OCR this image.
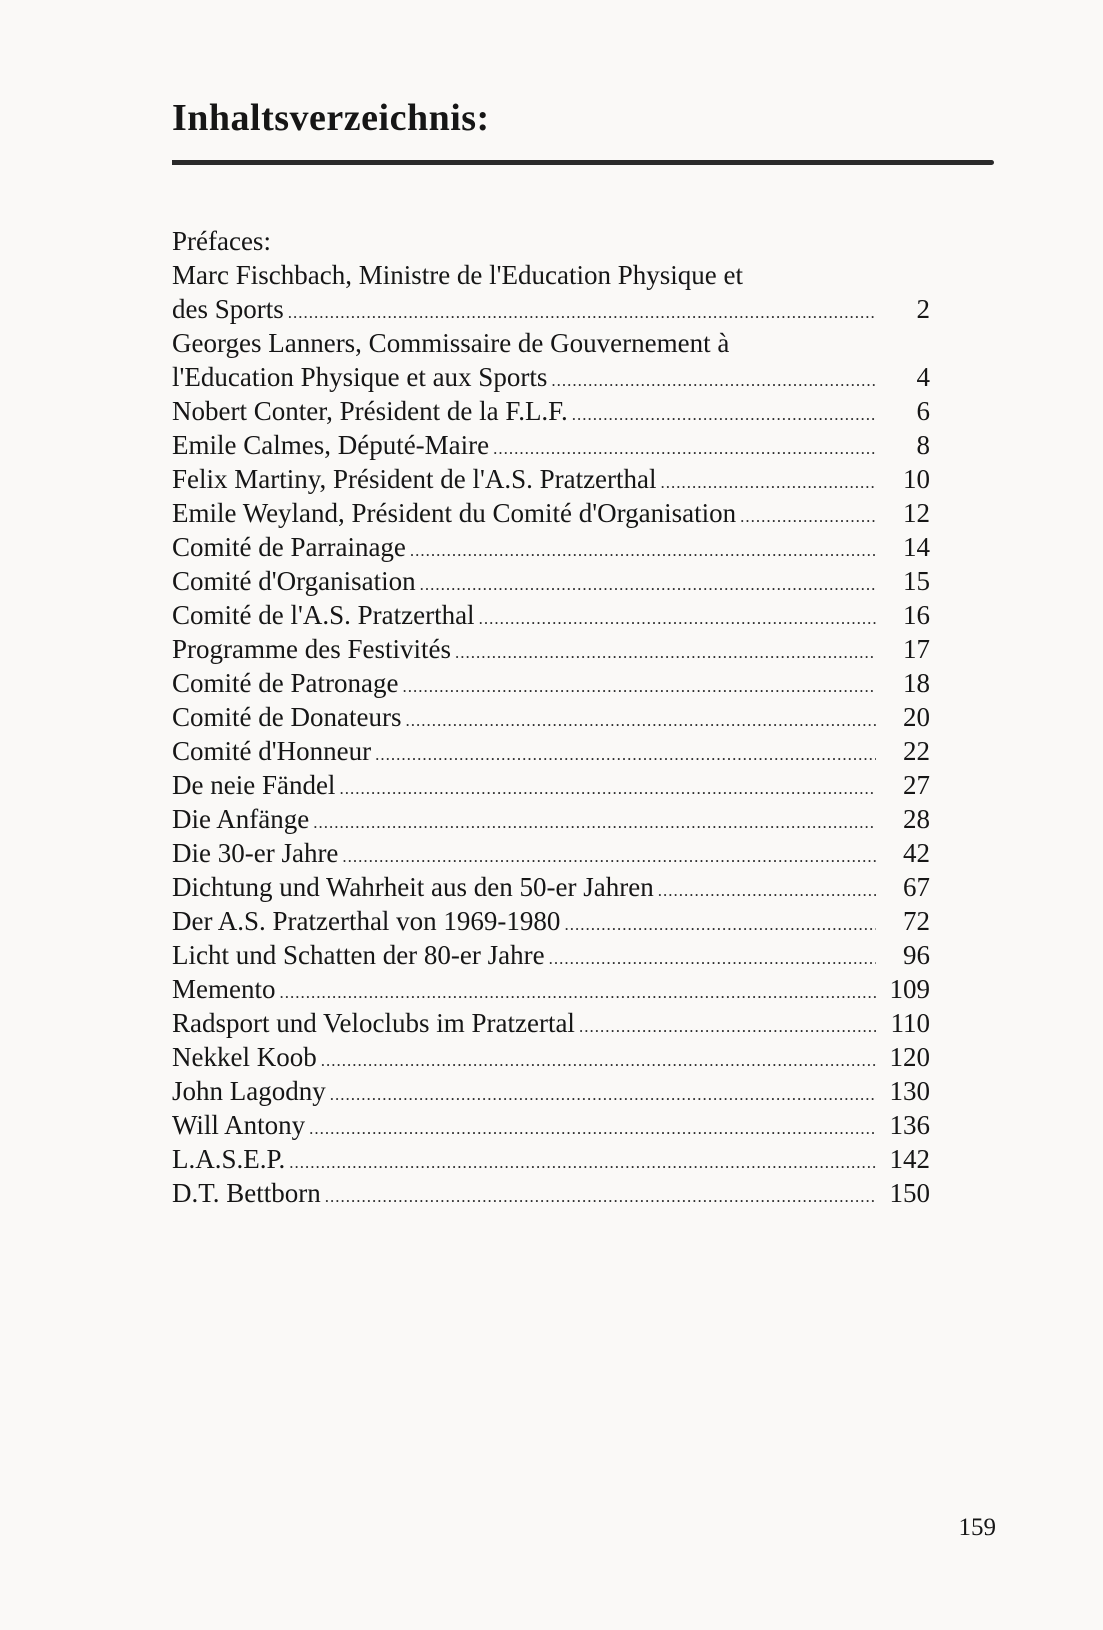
Inhaltsverzeichnis:
Préfaces:
Marc Fischbach, Ministre de l'Education Physique et
des Sports .....	2
Georges Lanners, Commissaire de Gouvernement à
l'Education Physique et aux Sports .....	4
Nobert Conter, Président de la F.L.F. .....	6
Emile Calmes, Député-Maire .....	8
Felix Martiny, Président de l'A.S. Pratzerthal .....	10
Emile Weyland, Président du Comité d'Organisation .....	12
Comité de Parrainage .....	14
Comité d'Organisation .....	15
Comité de l'A.S. Pratzerthal .....	16
Programme des Festivités .....	17
Comité de Patronage .....	18
Comité de Donateurs .....	20
Comité d'Honneur .....	22
De neie Fändel .....	27
Die Anfänge .....	28
Die 30-er Jahre .....	42
Dichtung und Wahrheit aus den 50-er Jahren .....	67
Der A.S. Pratzerthal von 1969-1980 .....	72
Licht und Schatten der 80-er Jahre .....	96
Memento .....	109
Radsport und Veloclubs im Pratzertal .....	110
Nekkel Koob .....	120
John Lagodny .....	130
Will Antony .....	136
L.A.S.E.P. .....	142
D.T. Bettborn .....	150
159
